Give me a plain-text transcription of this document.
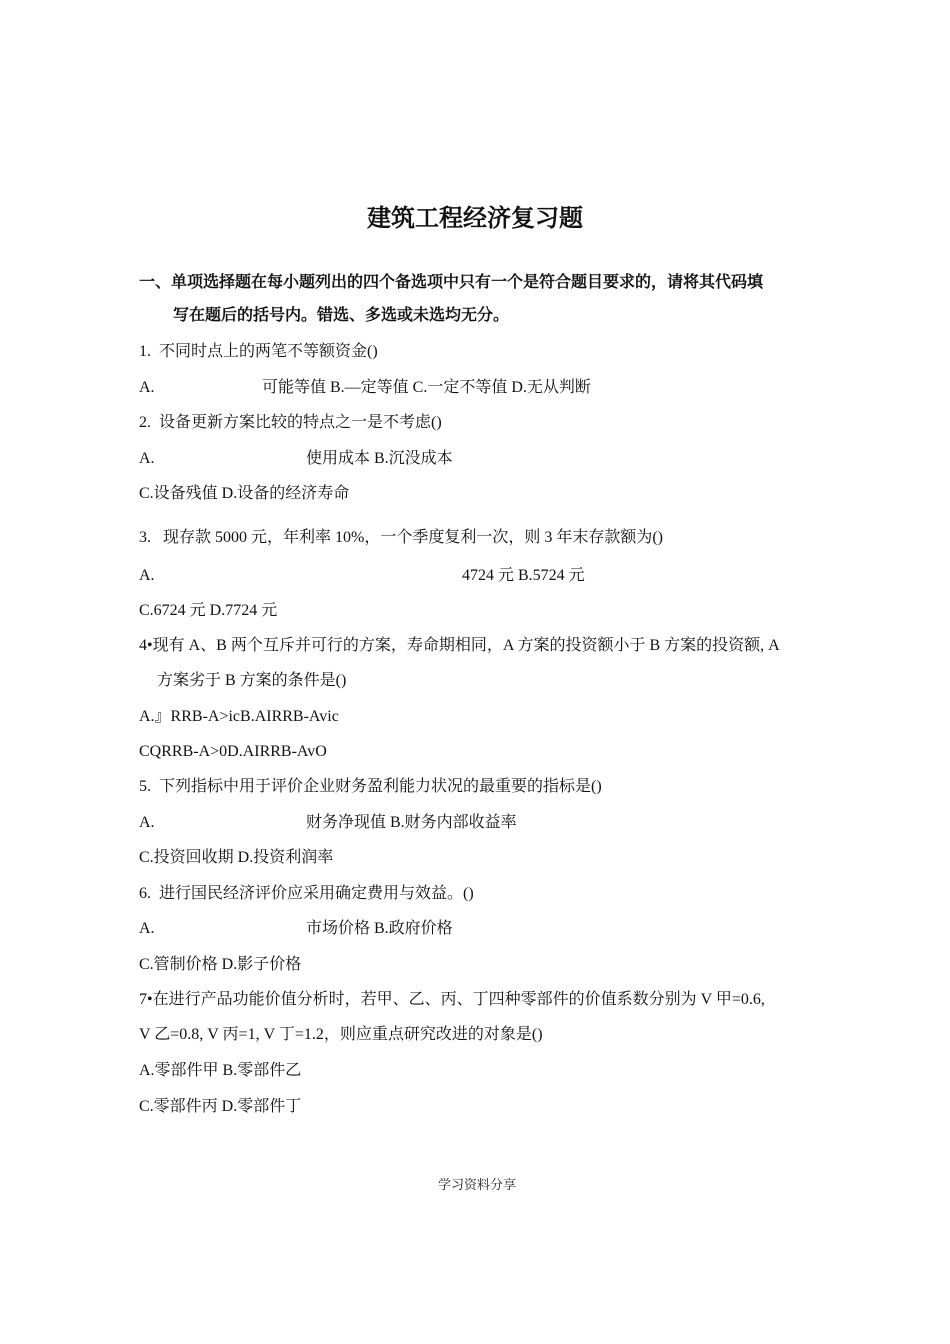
建筑工程经济复习题
一、单项选择题在每小题列出的四个备选项中只有一个是符合题目要求的，请将其代码填
写在题后的括号内。错选、多选或未选均无分。
1.  不同时点上的两笔不等额资金()
A.	可能等值 B.—定等值 C.一定不等值 D.无从判断
2.  设备更新方案比较的特点之一是不考虑()
A.	使用成本 B.沉没成本
C.设备残值 D.设备的经济寿命
3.   现存款 5000 元，年利率 10%，一个季度复利一次，则 3 年末存款额为()
A.	4724 元 B.5724 元
C.6724 元 D.7724 元
4•现有 A、B 两个互斥并可行的方案，寿命期相同，A 方案的投资额小于 B 方案的投资额, A
方案劣于 B 方案的条件是()
A.』RRB-A>icB.AIRRB-Avic
CQRRB-A>0D.AIRRB-AvO
5.  下列指标中用于评价企业财务盈利能力状况的最重要的指标是()
A.	财务净现值 B.财务内部收益率
C.投资回收期 D.投资利润率
6.  进行国民经济评价应采用确定费用与效益。()
A.	市场价格 B.政府价格
C.管制价格 D.影子价格
7•在进行产品功能价值分析时，若甲、乙、丙、丁四种零部件的价值系数分别为 V 甲=0.6,
V 乙=0.8, V 丙=1, V 丁=1.2，则应重点研究改进的对象是()
A.零部件甲 B.零部件乙
C.零部件丙 D.零部件丁
学习资料分享
